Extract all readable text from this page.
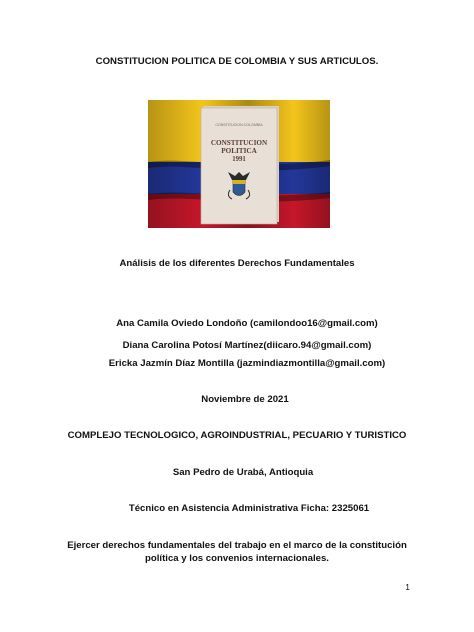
CONSTITUCION POLITICA DE COLOMBIA Y SUS ARTICULOS.
CONSTITUCION COLOMBIA
CONSTITUCION
POLITICA
1991
Análisis de los diferentes Derechos Fundamentales
Ana Camila Oviedo Londoño (camilondoo16@gmail.com)
Diana Carolina Potosí Martínez(diicaro.94@gmail.com)
Ericka Jazmín Díaz Montilla (jazmindiazmontilla@gmail.com)
Noviembre de 2021
COMPLEJO TECNOLOGICO, AGROINDUSTRIAL, PECUARIO Y TURISTICO
San Pedro de Urabá, Antioquia
Técnico en Asistencia Administrativa Ficha: 2325061
Ejercer derechos fundamentales del trabajo en el marco de la constitución
política y los convenios internacionales.
1
